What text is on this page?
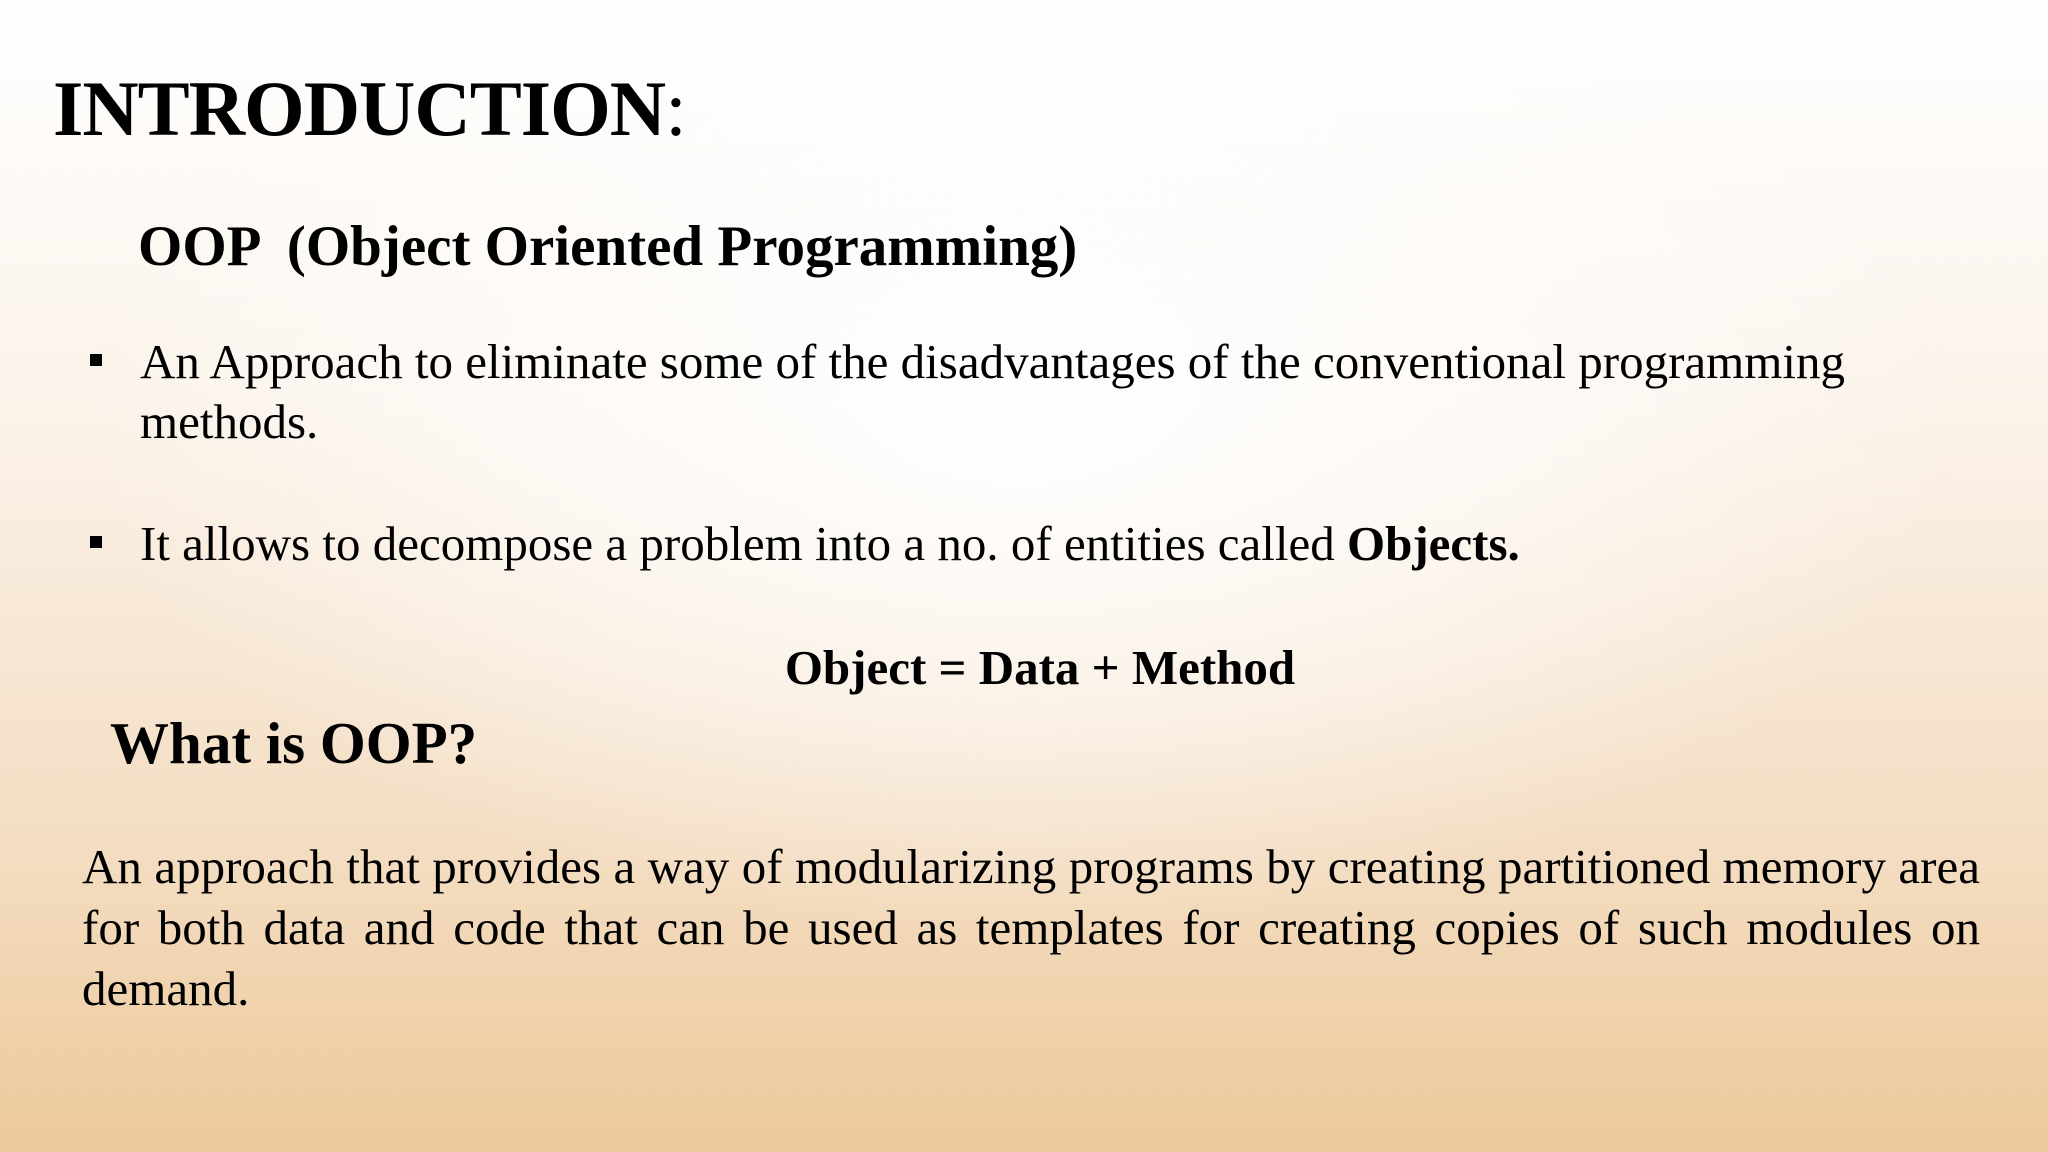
INTRODUCTION:
OOP  (Object Oriented Programming)
An Approach to eliminate some of the disadvantages of the conventional programming methods.
It allows to decompose a problem into a no. of entities called Objects.
Object = Data + Method
What is OOP?

An approach that provides a way of modularizing programs by creating partitioned memory area for both data and code that can be used as templates for creating copies of such modules on demand.
